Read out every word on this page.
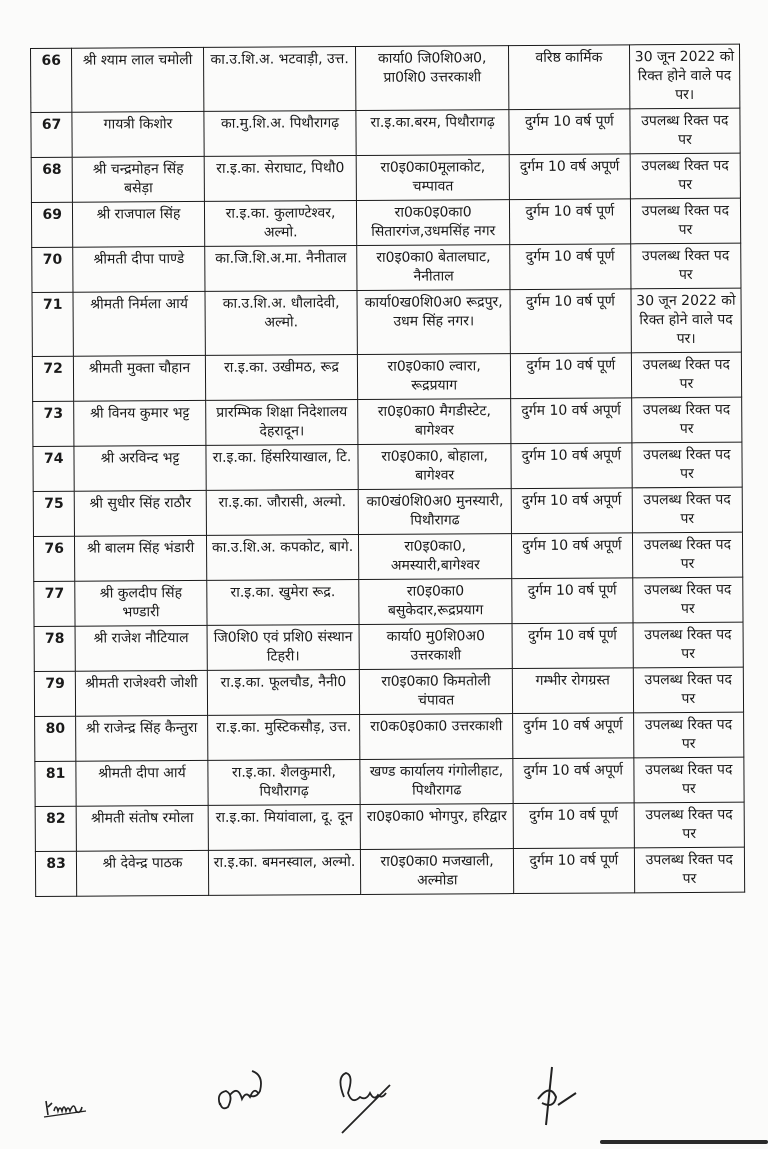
66	श्री श्याम लाल चमोली	का.उ.शि.अ. भटवाड़ी, उत्त.	कार्या0 जि0शि0अ0, प्रा0शि0 उत्तरकाशी	वरिष्ठ कार्मिक	30 जून 2022 को रिक्त होने वाले पद पर।
67	गायत्री किशोर	का.मु.शि.अ. पिथौरागढ़	रा.इ.का.बरम, पिथौरागढ़	दुर्गम 10 वर्ष पूर्ण	उपलब्ध रिक्त पद पर
68	श्री चन्द्रमोहन सिंह बसेड़ा	रा.इ.का. सेराघाट, पिथौ0	रा0इ0का0मूलाकोट, चम्पावत	दुर्गम 10 वर्ष अपूर्ण	उपलब्ध रिक्त पद पर
69	श्री राजपाल सिंह	रा.इ.का. कुलाण्टेश्वर, अल्मो.	रा0क0इ0का0 सितारगंज,उधमसिंह नगर	दुर्गम 10 वर्ष पूर्ण	उपलब्ध रिक्त पद पर
70	श्रीमती दीपा पाण्डे	का.जि.शि.अ.मा. नैनीताल	रा0इ0का0 बेतालघाट, नैनीताल	दुर्गम 10 वर्ष पूर्ण	उपलब्ध रिक्त पद पर
71	श्रीमती निर्मला आर्य	का.उ.शि.अ. धौलादेवी, अल्मो.	कार्या0ख0शि0अ0 रूद्रपुर, उधम सिंह नगर।	दुर्गम 10 वर्ष पूर्ण	30 जून 2022 को रिक्त होने वाले पद पर।
72	श्रीमती मुक्ता चौहान	रा.इ.का. उखीमठ, रूद्र	रा0इ0का0 ल्वारा, रूद्रप्रयाग	दुर्गम 10 वर्ष पूर्ण	उपलब्ध रिक्त पद पर
73	श्री विनय कुमार भट्ट	प्रारम्भिक शिक्षा निदेशालय देहरादून।	रा0इ0का0 मैगडीस्टेट, बागेश्वर	दुर्गम 10 वर्ष अपूर्ण	उपलब्ध रिक्त पद पर
74	श्री अरविन्द भट्ट	रा.इ.का. हिंसरियाखाल, टि.	रा0इ0का0, बोहाला, बागेश्वर	दुर्गम 10 वर्ष अपूर्ण	उपलब्ध रिक्त पद पर
75	श्री सुधीर सिंह राठौर	रा.इ.का. जौरासी, अल्मो.	का0खं0शि0अ0 मुनस्यारी, पिथौरागढ	दुर्गम 10 वर्ष अपूर्ण	उपलब्ध रिक्त पद पर
76	श्री बालम सिंह भंडारी	का.उ.शि.अ. कपकोट, बागे.	रा0इ0का0, अमस्यारी,बागेश्वर	दुर्गम 10 वर्ष अपूर्ण	उपलब्ध रिक्त पद पर
77	श्री कुलदीप सिंह भण्डारी	रा.इ.का. खुमेरा रूद्र.	रा0इ0का0 बसुकेदार,रूद्रप्रयाग	दुर्गम 10 वर्ष पूर्ण	उपलब्ध रिक्त पद पर
78	श्री राजेश नौटियाल	जि0शि0 एवं प्रशि0 संस्थान टिहरी।	कार्या0 मु0शि0अ0 उत्तरकाशी	दुर्गम 10 वर्ष पूर्ण	उपलब्ध रिक्त पद पर
79	श्रीमती राजेश्वरी जोशी	रा.इ.का. फूलचौड, नैनी0	रा0इ0का0 किमतोली चंपावत	गम्भीर रोगग्रस्त	उपलब्ध रिक्त पद पर
80	श्री राजेन्द्र सिंह कैन्तुरा	रा.इ.का. मुस्टिकसौड़, उत्त.	रा0क0इ0का0 उत्तरकाशी	दुर्गम 10 वर्ष अपूर्ण	उपलब्ध रिक्त पद पर
81	श्रीमती दीपा आर्य	रा.इ.का. शैलकुमारी, पिथौरागढ़	खण्ड कार्यालय गंगोलीहाट, पिथौरागढ	दुर्गम 10 वर्ष अपूर्ण	उपलब्ध रिक्त पद पर
82	श्रीमती संतोष रमोला	रा.इ.का. मियांवाला, दू. दून	रा0इ0का0 भोगपुर, हरिद्वार	दुर्गम 10 वर्ष पूर्ण	उपलब्ध रिक्त पद पर
83	श्री देवेन्द्र पाठक	रा.इ.का. बमनस्वाल, अल्मो.	रा0इ0का0 मजखाली, अल्मोडा	दुर्गम 10 वर्ष पूर्ण	उपलब्ध रिक्त पद पर
